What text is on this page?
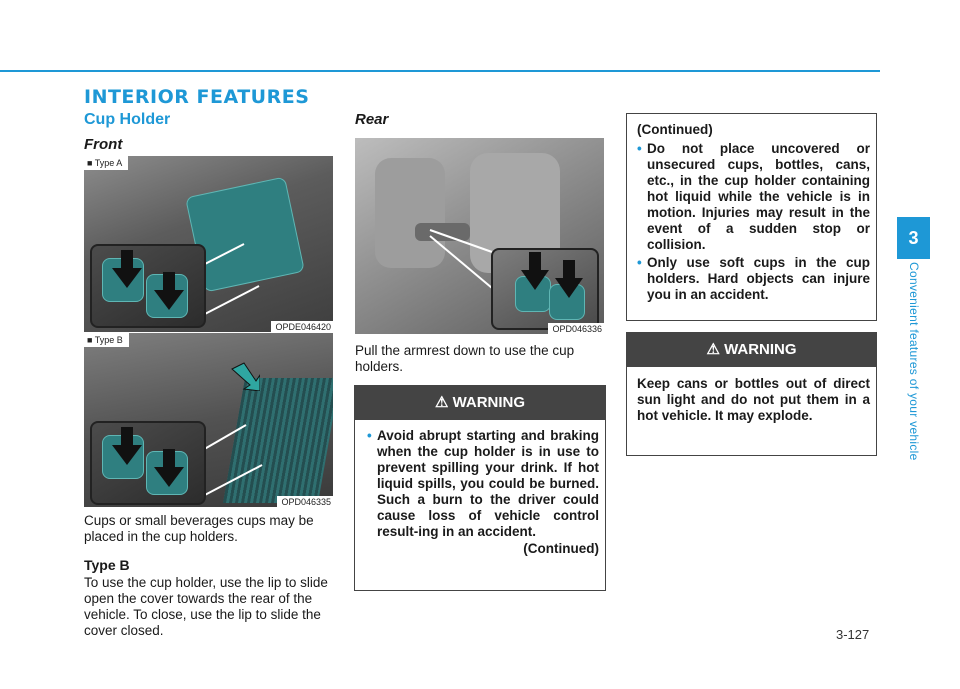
INTERIOR FEATURES
Cup Holder
Front
■ Type A
OPDE046420
■ Type B
OPD046335
Cups or small beverages cups may be placed in the cup holders.
Type B
To use the cup holder, use the lip to slide open the cover towards the rear of the vehicle. To close, use the lip to slide the cover closed.
Rear
OPD046336
Pull the armrest down to use the cup holders.
⚠ WARNING
• Avoid abrupt starting and braking when the cup holder is in use to prevent spilling your drink. If hot liquid spills, you could be burned. Such a burn to the driver could cause loss of vehicle control result-ing in an accident.
(Continued)
(Continued)
• Do not place uncovered or unsecured cups, bottles, cans, etc., in the cup holder containing hot liquid while the vehicle is in motion. Injuries may result in the event of a sudden stop or collision.
• Only use soft cups in the cup holders. Hard objects can injure you in an accident.
⚠ WARNING
Keep cans or bottles out of direct sun light and do not put them in a hot vehicle. It may explode.
3
Convenient features of your vehicle
3-127
